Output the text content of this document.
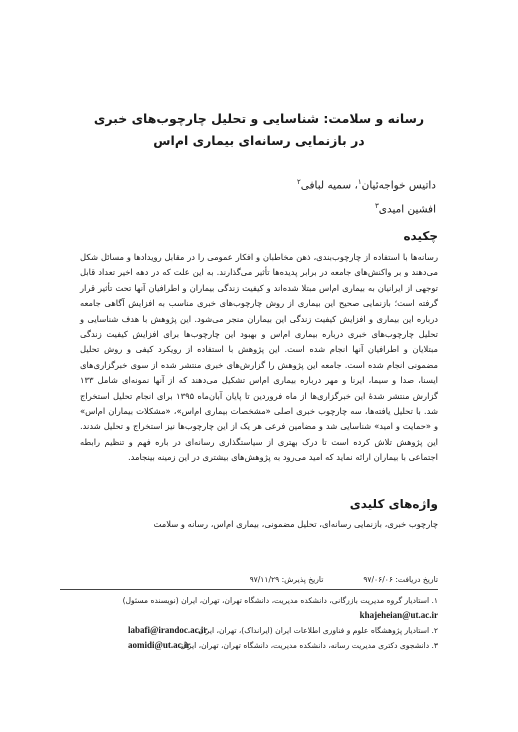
رسانه و سلامت: شناسایی و تحلیل چارچوب‌های خبری
در بازنمایی رسانه‌ای بیماری ام‌اس
داتیس خواجه‌ئیان$^۱$، سمیه لبافی$^۲$
افشین امیدی$^۳$
چکیده
رسانه‌ها با استفاده از چارچوب‌بندی، ذهن مخاطبان و افکار عمومی را در مقابل رویدادها و مسائل شکل می‌دهند و بر واکنش‌های جامعه در برابر پدیده‌ها تأثیر می‌گذارند. به این علت که در دهه اخیر تعداد قابل توجهی از ایرانیان به بیماری ام‌اس مبتلا شده‌اند و کیفیت زندگی بیماران و اطرافیان آنها تحت تأثیر قرار گرفته است؛ بازنمایی صحیح این بیماری از روش چارچوب‌های خبری مناسب به افزایش آگاهی جامعه درباره این بیماری و افزایش کیفیت زندگی این بیماران منجر می‌شود. این پژوهش با هدف شناسایی و تحلیل چارچوب‌های خبری درباره بیماری ام‌اس و بهبود این چارچوب‌ها برای افزایش کیفیت زندگی مبتلایان و اطرافیان آنها انجام شده است. این پژوهش با استفاده از رویکرد کیفی و روش تحلیل مضمونی انجام شده است. جامعه این پژوهش را گزارش‌های خبری منتشر شده از سوی خبرگزاری‌های ایسنا، صدا و سیما، ایرنا و مهر درباره بیماری ام‌اس تشکیل می‌دهند که از آنها نمونه‌ای شامل ۱۳۳ گزارش منتشر شدهٔ این خبرگزاری‌ها از ماه فروردین تا پایان آبان‌ماه ۱۳۹۵ برای انجام تحلیل استخراج شد. با تحلیل یافته‌ها، سه چارچوب خبری اصلی «مشخصات بیماری ام‌اس»، «مشکلات بیماران ام‌اس» و «حمایت و امید» شناسایی شد و مضامین فرعی هر یک از این چارچوب‌ها نیز استخراج و تحلیل شدند. این پژوهش تلاش کرده است تا درک بهتری از سیاستگذاری رسانه‌ای در باره فهم و تنظیم رابطه اجتماعی با بیماران ارائه نماید که امید می‌رود به پژوهش‌های بیشتری در این زمینه بینجامد.
واژه‌های کلیدی
چارچوب خبری، بازنمایی رسانه‌ای، تحلیل مضمونی، بیماری ام‌اس، رسانه و سلامت
تاریخ دریافت: ۹۷/۰۶/۰۶
تاریخ پذیرش: ۹۷/۱۱/۲۹
۱. استادیار گروه مدیریت بازرگانی، دانشکده مدیریت، دانشگاه تهران، تهران، ایران (نویسنده مسئول)
khajeheian@ut.ac.ir
۲. استادیار پژوهشگاه علوم و فناوری اطلاعات ایران (ایرانداک)، تهران، ایران
labafi@irandoc.ac.ir
۳. دانشجوی دکتری مدیریت رسانه، دانشکده مدیریت، دانشگاه تهران، تهران، ایران
aomidi@ut.ac.ir
